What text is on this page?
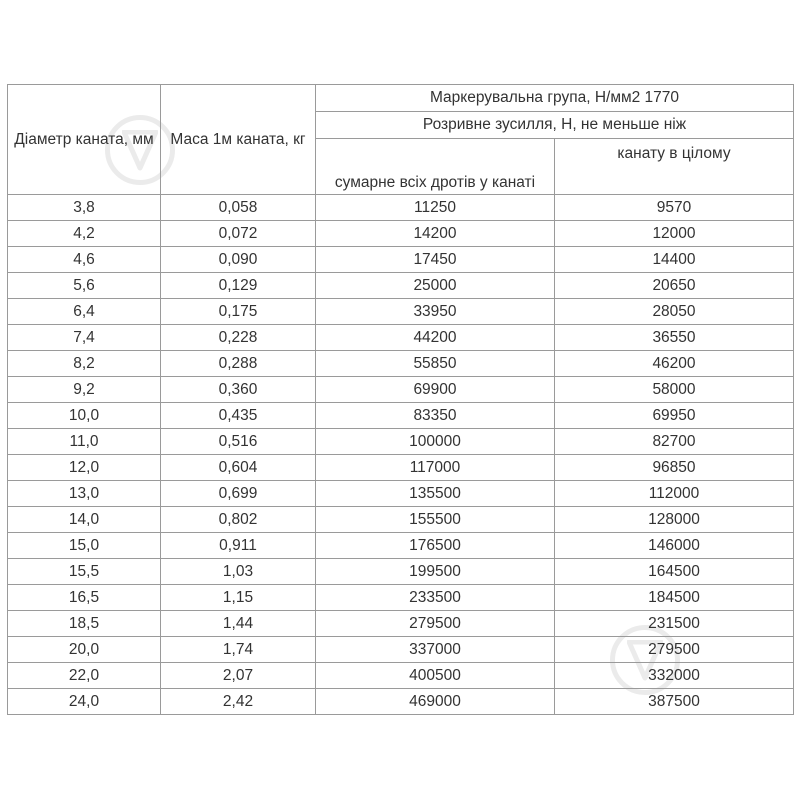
Діаметр каната, мм	Маса 1м каната, кг	Маркерувальна група, Н/мм2 1770	
		Розривне зусилля, Н, не меньше ніж	
		сумарне всіх дротів у канаті	канату в цілому
3,8	0,058	11250	9570
4,2	0,072	14200	12000
4,6	0,090	17450	14400
5,6	0,129	25000	20650
6,4	0,175	33950	28050
7,4	0,228	44200	36550
8,2	0,288	55850	46200
9,2	0,360	69900	58000
10,0	0,435	83350	69950
11,0	0,516	100000	82700
12,0	0,604	117000	96850
13,0	0,699	135500	112000
14,0	0,802	155500	128000
15,0	0,911	176500	146000
15,5	1,03	199500	164500
16,5	1,15	233500	184500
18,5	1,44	279500	231500
20,0	1,74	337000	279500
22,0	2,07	400500	332000
24,0	2,42	469000	387500
